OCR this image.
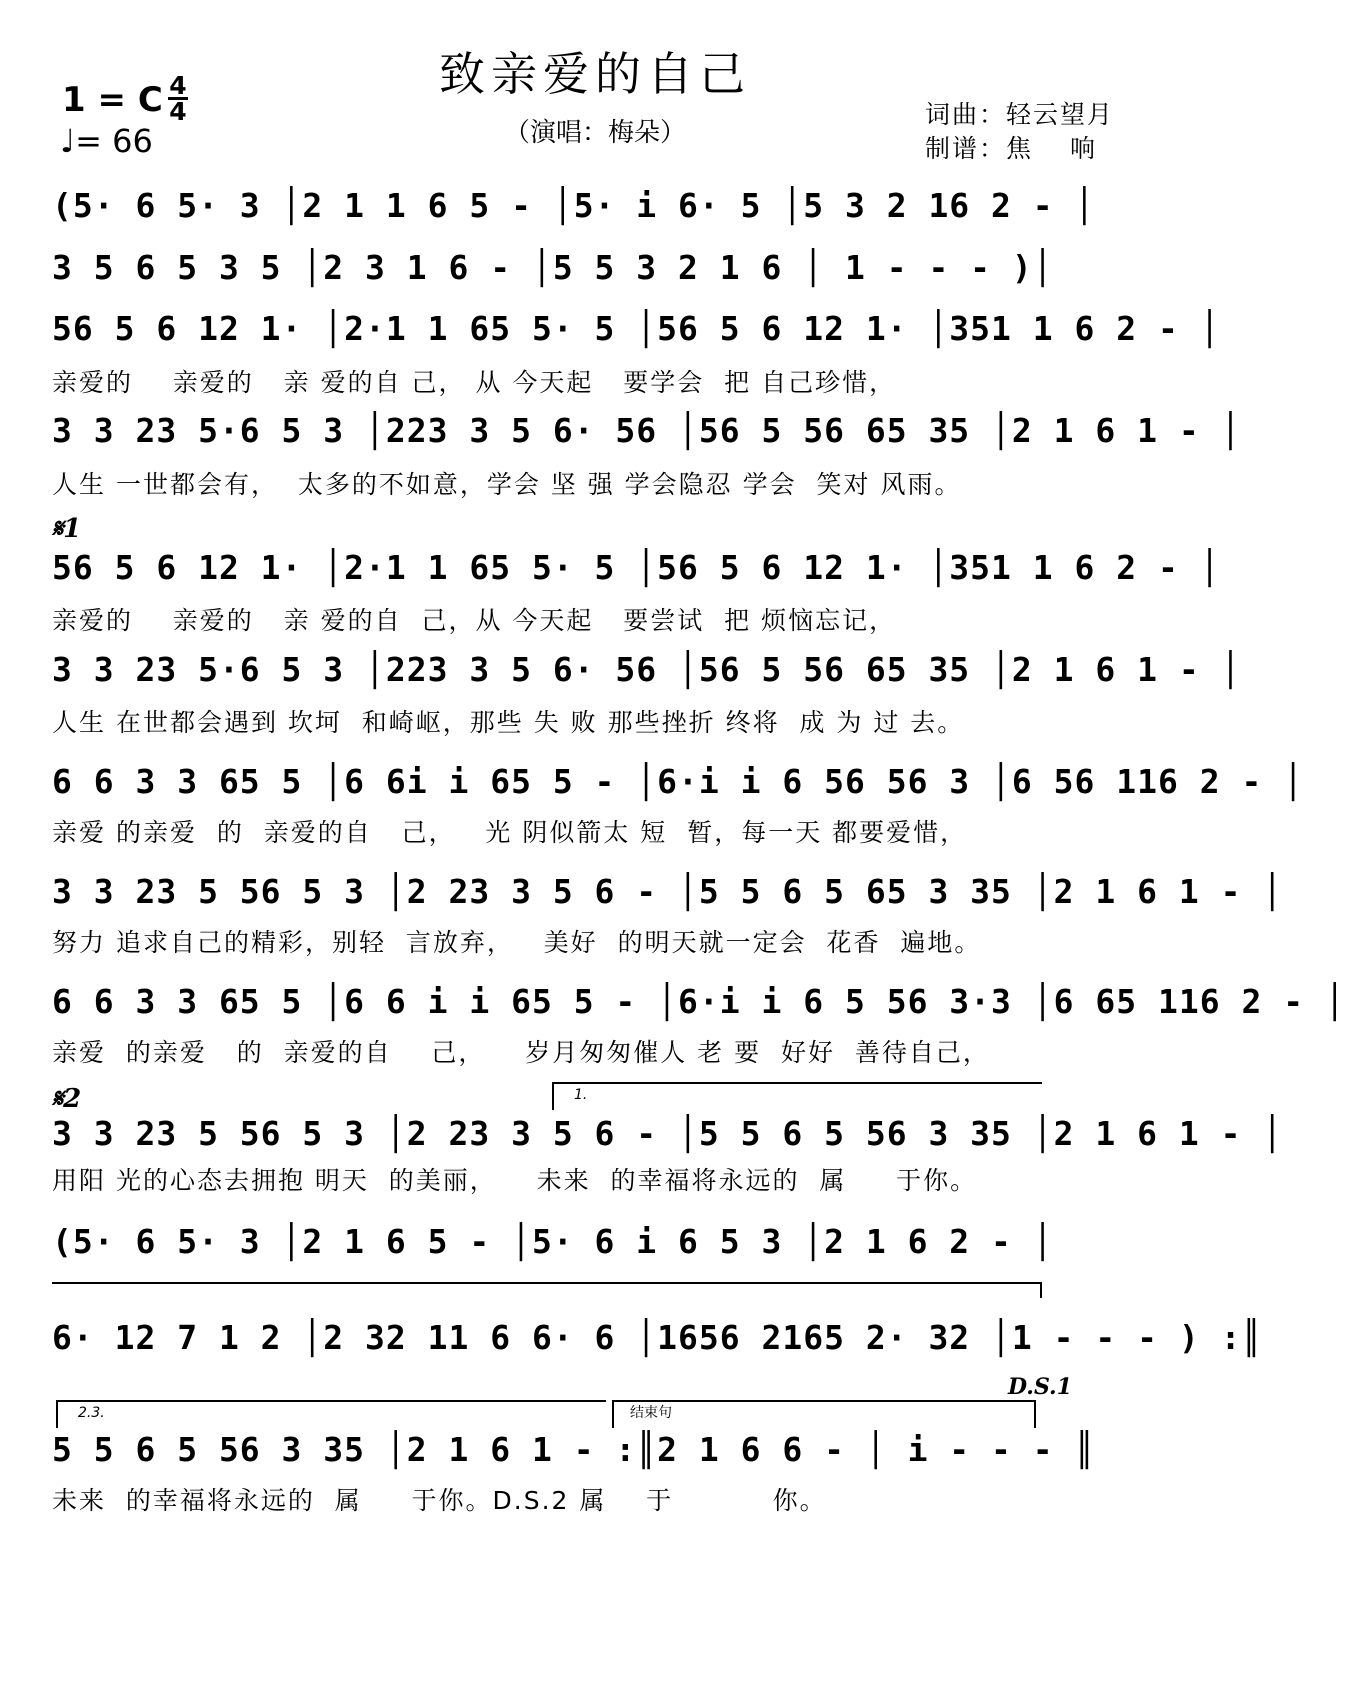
致亲爱的自己
（演唱：梅朵）
1 = C 4
4
♩= 66
词曲：轻云望月
制谱：焦　 响
(5· 6 5· 3 │2 1 1 6 5 - │5· i 6· 5 │5 3 2 16 2 - │
3 5 6 5 3 5 │2 3 1 6 - │5 5 3 2 1 6 │ 1 - - - )│
56 5 6 12 1· │2·1 1 65 5· 5 │56 5 6 12 1· │351 1 6 2 - │
亲爱的    亲爱的   亲 爱的自 己， 从 今天起   要学会  把 自己珍惜，
3 3 23 5·6 5 3 │223 3 5 6· 56 │56 5 56 65 35 │2 1 6 1 - │
人生 一世都会有，  太多的不如意，学会 坚 强 学会隐忍 学会  笑对 风雨。
𝄋1
56 5 6 12 1· │2·1 1 65 5· 5 │56 5 6 12 1· │351 1 6 2 - │
亲爱的    亲爱的   亲 爱的自  己，从 今天起   要尝试  把 烦恼忘记，
3 3 23 5·6 5 3 │223 3 5 6· 56 │56 5 56 65 35 │2 1 6 1 - │
人生 在世都会遇到 坎坷  和崎岖，那些 失 败 那些挫折 终将  成 为 过 去。
6 6 3 3 65 5 │6 6i i 65 5 - │6·i i 6 56 56 3 │6 56 116 2 - │
亲爱 的亲爱  的  亲爱的自   己，   光 阴似箭太 短  暂，每一天 都要爱惜，
3 3 23 5 56 5 3 │2 23 3 5 6 - │5 5 6 5 65 3 35 │2 1 6 1 - │
努力 追求自己的精彩，别轻  言放弃，   美好  的明天就一定会  花香  遍地。
6 6 3 3 65 5 │6 6 i i 65 5 - │6·i i 6 5 56 3·3 │6 65 116 2 - │
亲爱  的亲爱   的  亲爱的自    己，    岁月匆匆催人 老 要  好好  善待自己，
𝄋2	1.
3 3 23 5 56 5 3 │2 23 3 5 6 - │5 5 6 5 56 3 35 │2 1 6 1 - │
用阳 光的心态去拥抱 明天  的美丽，    未来  的幸福将永远的  属     于你。
(5· 6 5· 3 │2 1 6 5 - │5· 6 i 6 5 3 │2 1 6 2 - │
6· 12 7 1 2 │2 32 11 6 6· 6 │1656 2165 2· 32 │1 - - - ) :║
D.S.1
2.3.	结束句
5 5 6 5 56 3 35 │2 1 6 1 - :║2 1 6 6 - │ i - - - ║
未来  的幸福将永远的  属     于你。D.S.2 属    于          你。
